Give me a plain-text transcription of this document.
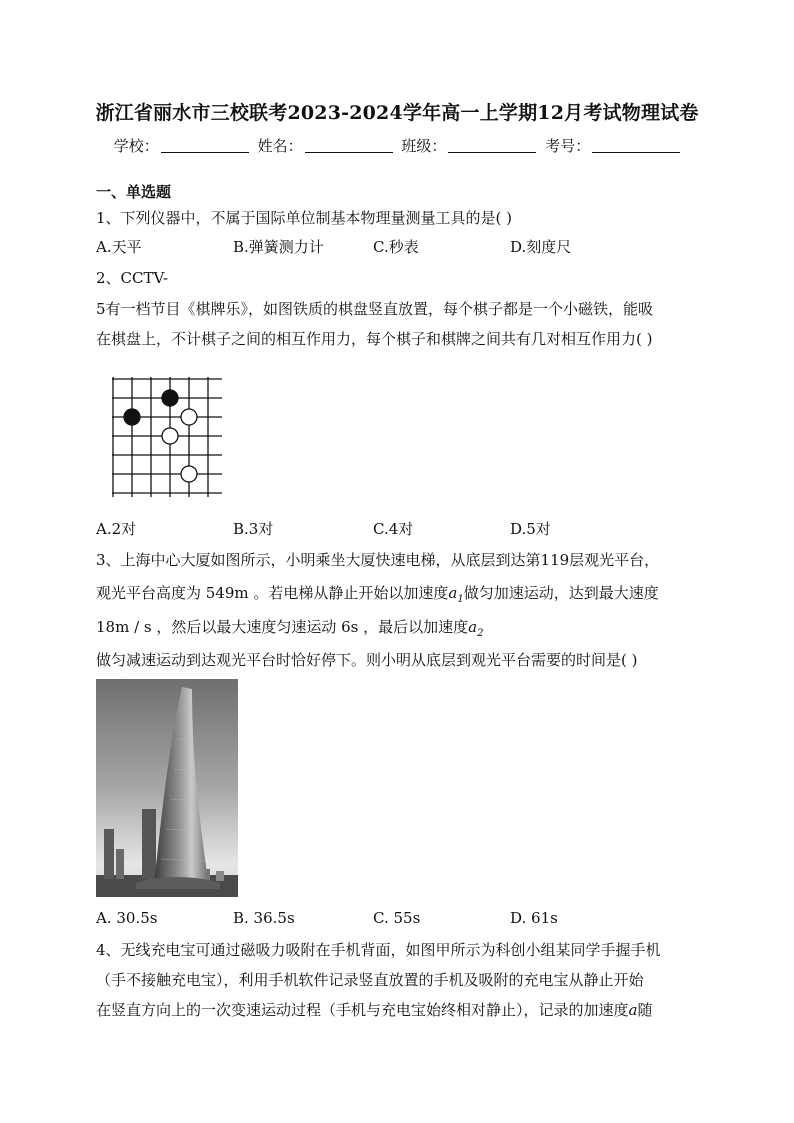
浙江省丽水市三校联考2023-2024学年高一上学期12月考试物理试卷
学校：	姓名：	班级：	考号：
一、单选题
1、下列仪器中，不属于国际单位制基本物理量测量工具的是( )
A.天平	B.弹簧测力计	C.秒表	D.刻度尺
2、CCTV-
5有一档节目《棋牌乐》，如图铁质的棋盘竖直放置，每个棋子都是一个小磁铁，能吸
在棋盘上，不计棋子之间的相互作用力，每个棋子和棋牌之间共有几对相互作用力( )
A.2对	B.3对	C.4对	D.5对
3、上海中心大厦如图所示，小明乘坐大厦快速电梯，从底层到达第119层观光平台，
观光平台高度为 549m 。若电梯从静止开始以加速度$a_1$做匀加速运动，达到最大速度
18m / s ，然后以最大速度匀速运动 6s ，最后以加速度$a_2$
做匀减速运动到达观光平台时恰好停下。则小明从底层到观光平台需要的时间是( )
A. 30.5s	B. 36.5s	C. 55s	D. 61s
4、无线充电宝可通过磁吸力吸附在手机背面，如图甲所示为科创小组某同学手握手机
（手不接触充电宝），利用手机软件记录竖直放置的手机及吸附的充电宝从静止开始
在竖直方向上的一次变速运动过程（手机与充电宝始终相对静止），记录的加速度a随
